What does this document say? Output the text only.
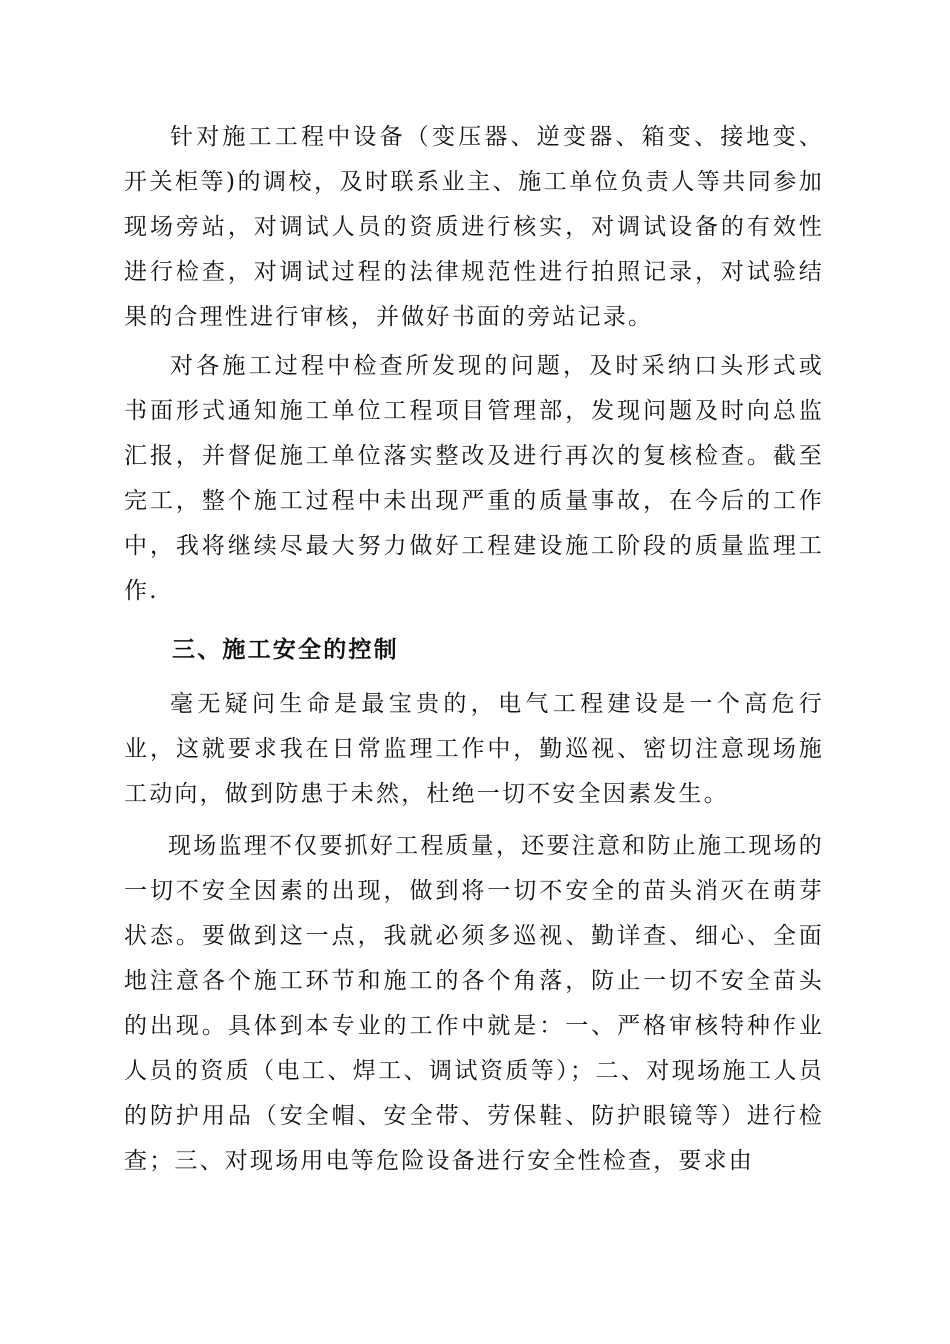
针对施工工程中设备（变压器、逆变器、箱变、接地变、开关柜等)的调校，及时联系业主、施工单位负责人等共同参加现场旁站，对调试人员的资质进行核实，对调试设备的有效性进行检查，对调试过程的法律规范性进行拍照记录，对试验结果的合理性进行审核，并做好书面的旁站记录。

对各施工过程中检查所发现的问题，及时采纳口头形式或书面形式通知施工单位工程项目管理部，发现问题及时向总监汇报，并督促施工单位落实整改及进行再次的复核检查。截至完工，整个施工过程中未出现严重的质量事故，在今后的工作中，我将继续尽最大努力做好工程建设施工阶段的质量监理工作.

三、施工安全的控制

毫无疑问生命是最宝贵的，电气工程建设是一个高危行业，这就要求我在日常监理工作中，勤巡视、密切注意现场施工动向，做到防患于未然，杜绝一切不安全因素发生。

现场监理不仅要抓好工程质量，还要注意和防止施工现场的一切不安全因素的出现，做到将一切不安全的苗头消灭在萌芽状态。要做到这一点，我就必须多巡视、勤详查、细心、全面地注意各个施工环节和施工的各个角落，防止一切不安全苗头的出现。具体到本专业的工作中就是：一、严格审核特种作业人员的资质（电工、焊工、调试资质等）；二、对现场施工人员的防护用品（安全帽、安全带、劳保鞋、防护眼镜等）进行检查；三、对现场用电等危险设备进行安全性检查，要求由
